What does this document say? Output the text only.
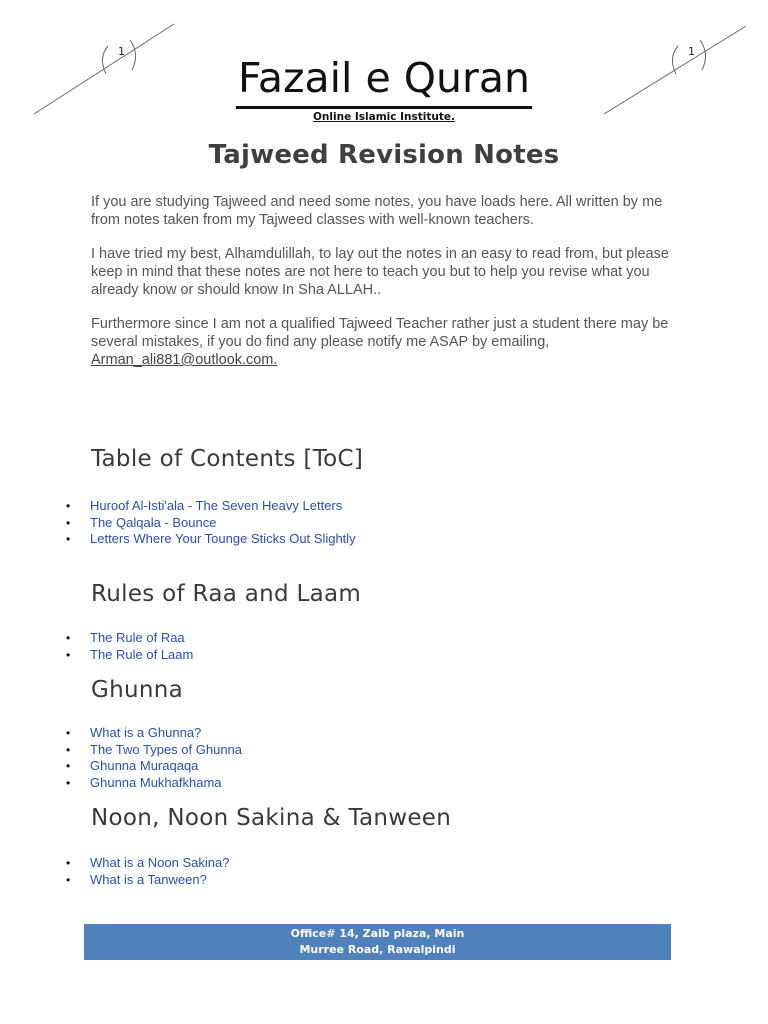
1	1
Fazail e Quran
Online Islamic Institute.
Tajweed Revision Notes

If you are studying Tajweed and need some notes, you have loads here. All written by me from notes taken from my Tajweed classes with well-known teachers.

I have tried my best, Alhamdulillah, to lay out the notes in an easy to read from, but please keep in mind that these notes are not here to teach you but to help you revise what you already know or should know In Sha ALLAH..

Furthermore since I am not a qualified Tajweed Teacher rather just a student there may be several mistakes, if you do find any please notify me ASAP by emailing, Arman_ali881@outlook.com.

Table of Contents [ToC]
• Huroof Al-Isti'ala - The Seven Heavy Letters
• The Qalqala - Bounce
• Letters Where Your Tounge Sticks Out Slightly
Rules of Raa and Laam
• The Rule of Raa
• The Rule of Laam
Ghunna
• What is a Ghunna?
• The Two Types of Ghunna
• Ghunna Muraqaqa
• Ghunna Mukhafkhama
Noon, Noon Sakina & Tanween
• What is a Noon Sakina?
• What is a Tanween?
Office# 14, Zaib plaza, Main
Murree Road, Rawalpindi
